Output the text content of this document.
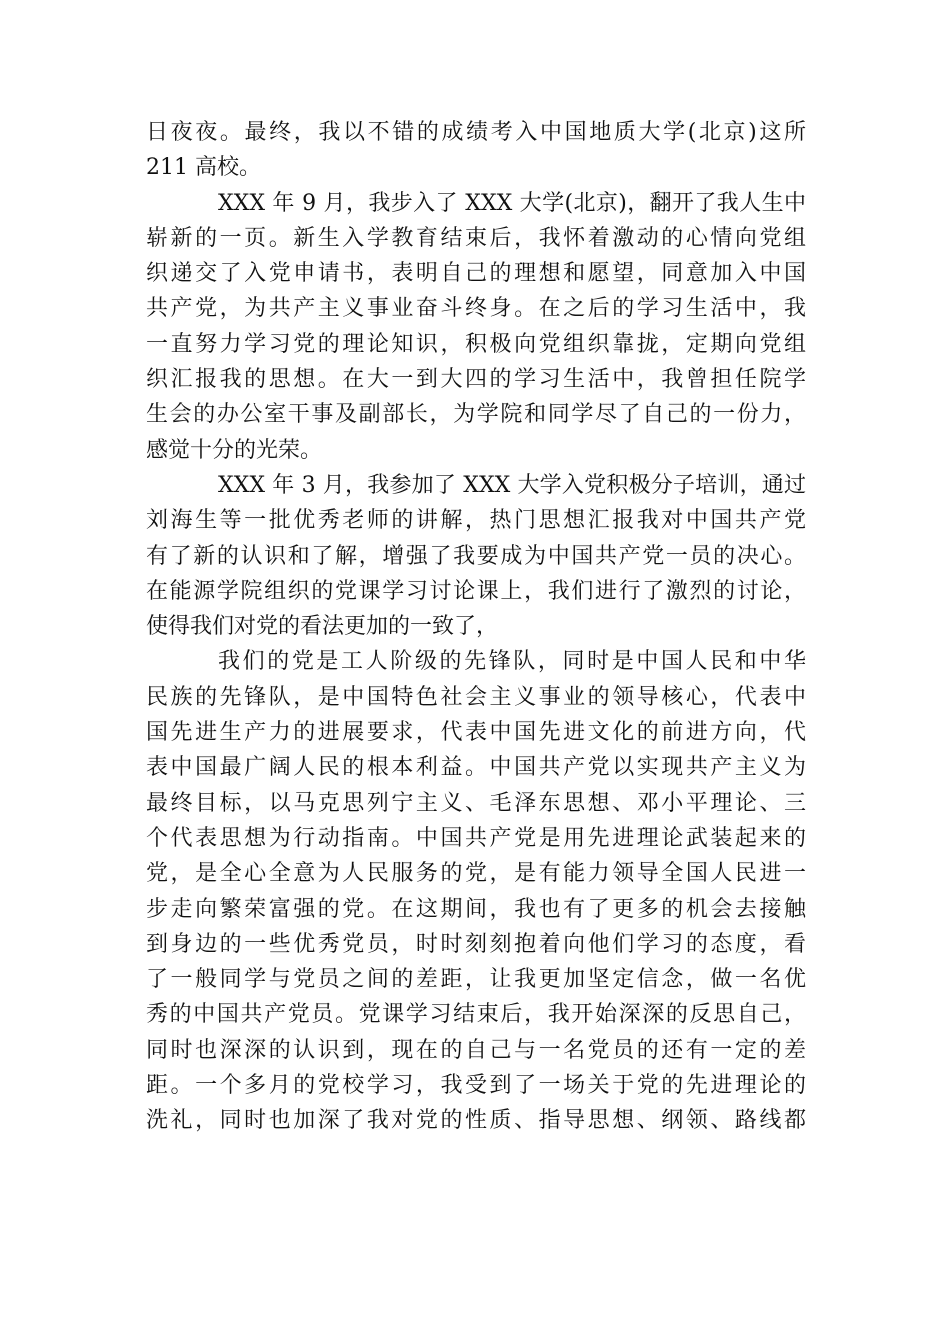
日夜夜。最终，我以不错的成绩考入中国地质大学(北京)这所
211 高校。
XXX 年 9 月，我步入了 XXX 大学(北京)，翻开了我人生中
崭新的一页。新生入学教育结束后，我怀着激动的心情向党组
织递交了入党申请书，表明自己的理想和愿望，同意加入中国
共产党，为共产主义事业奋斗终身。在之后的学习生活中，我
一直努力学习党的理论知识，积极向党组织靠拢，定期向党组
织汇报我的思想。在大一到大四的学习生活中，我曾担任院学
生会的办公室干事及副部长，为学院和同学尽了自己的一份力，
感觉十分的光荣。
XXX 年 3 月，我参加了 XXX 大学入党积极分子培训，通过
刘海生等一批优秀老师的讲解，热门思想汇报我对中国共产党
有了新的认识和了解，增强了我要成为中国共产党一员的决心。
在能源学院组织的党课学习讨论课上，我们进行了激烈的讨论，
使得我们对党的看法更加的一致了，
我们的党是工人阶级的先锋队，同时是中国人民和中华
民族的先锋队，是中国特色社会主义事业的领导核心，代表中
国先进生产力的进展要求，代表中国先进文化的前进方向，代
表中国最广阔人民的根本利益。中国共产党以实现共产主义为
最终目标，以马克思列宁主义、毛泽东思想、邓小平理论、三
个代表思想为行动指南。中国共产党是用先进理论武装起来的
党，是全心全意为人民服务的党，是有能力领导全国人民进一
步走向繁荣富强的党。在这期间，我也有了更多的机会去接触
到身边的一些优秀党员，时时刻刻抱着向他们学习的态度，看
了一般同学与党员之间的差距，让我更加坚定信念，做一名优
秀的中国共产党员。党课学习结束后，我开始深深的反思自己，
同时也深深的认识到，现在的自己与一名党员的还有一定的差
距。一个多月的党校学习，我受到了一场关于党的先进理论的
洗礼，同时也加深了我对党的性质、指导思想、纲领、路线都
